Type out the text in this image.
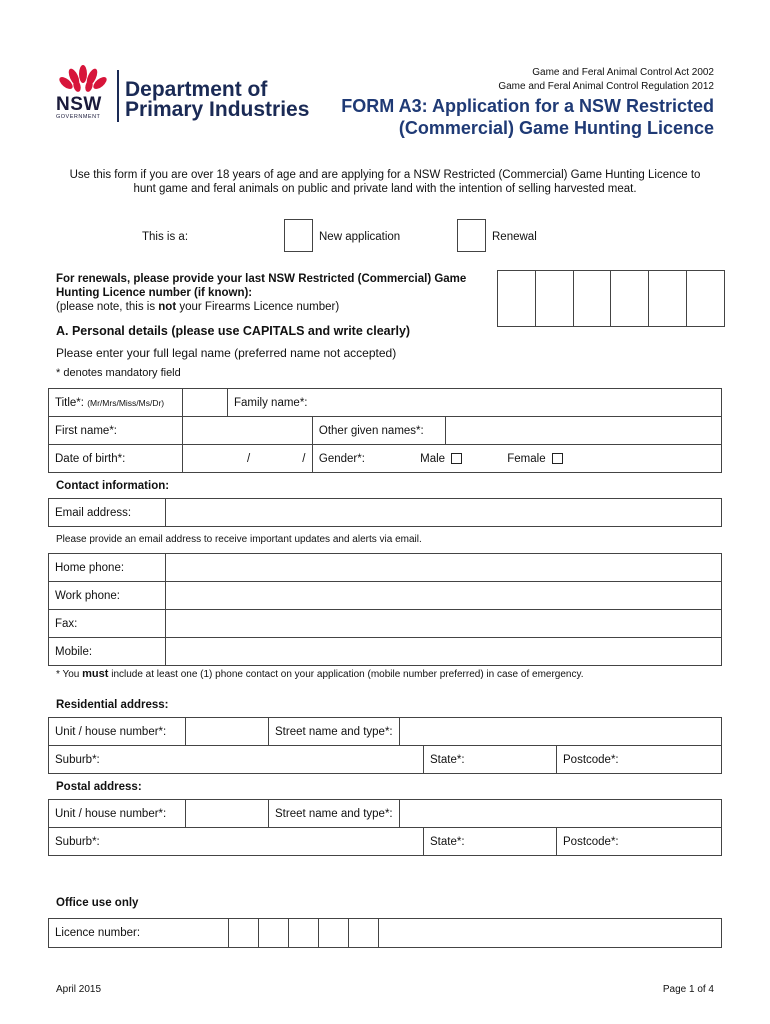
NSW
GOVERNMENT
Department of
Primary Industries
Game and Feral Animal Control Act 2002
Game and Feral Animal Control Regulation 2012
FORM A3: Application for a NSW Restricted
(Commercial) Game Hunting Licence
Use this form if you are over 18 years of age and are applying for a NSW Restricted (Commercial) Game Hunting Licence to
hunt game and feral animals on public and private land with the intention of selling harvested meat.
This is a:	New application	Renewal
For renewals, please provide your last NSW Restricted (Commercial) Game
Hunting Licence number (if known):
(please note, this is not your Firearms Licence number)
A. Personal details (please use CAPITALS and write clearly)
Please enter your full legal name (preferred name not accepted)
* denotes mandatory field
Title*: (Mr/Mrs/Miss/Ms/Dr)		Family name*:		
First name*:			Other given names*:	
Date of birth*:	/ /		Gender*: Male Female	
Contact information:
Email address:	
Please provide an email address to receive important updates and alerts via email.
Home phone:	
Work phone:	
Fax:	
Mobile:	
* You must include at least one (1) phone contact on your application (mobile number preferred) in case of emergency.
Residential address:
Unit / house number*:		Street name and type*:			
Suburb*:				State*:	Postcode*:
Postal address:
Unit / house number*:		Street name and type*:			
Suburb*:				State*:	Postcode*:
Office use only
Licence number:						
April 2015	Page 1 of 4
